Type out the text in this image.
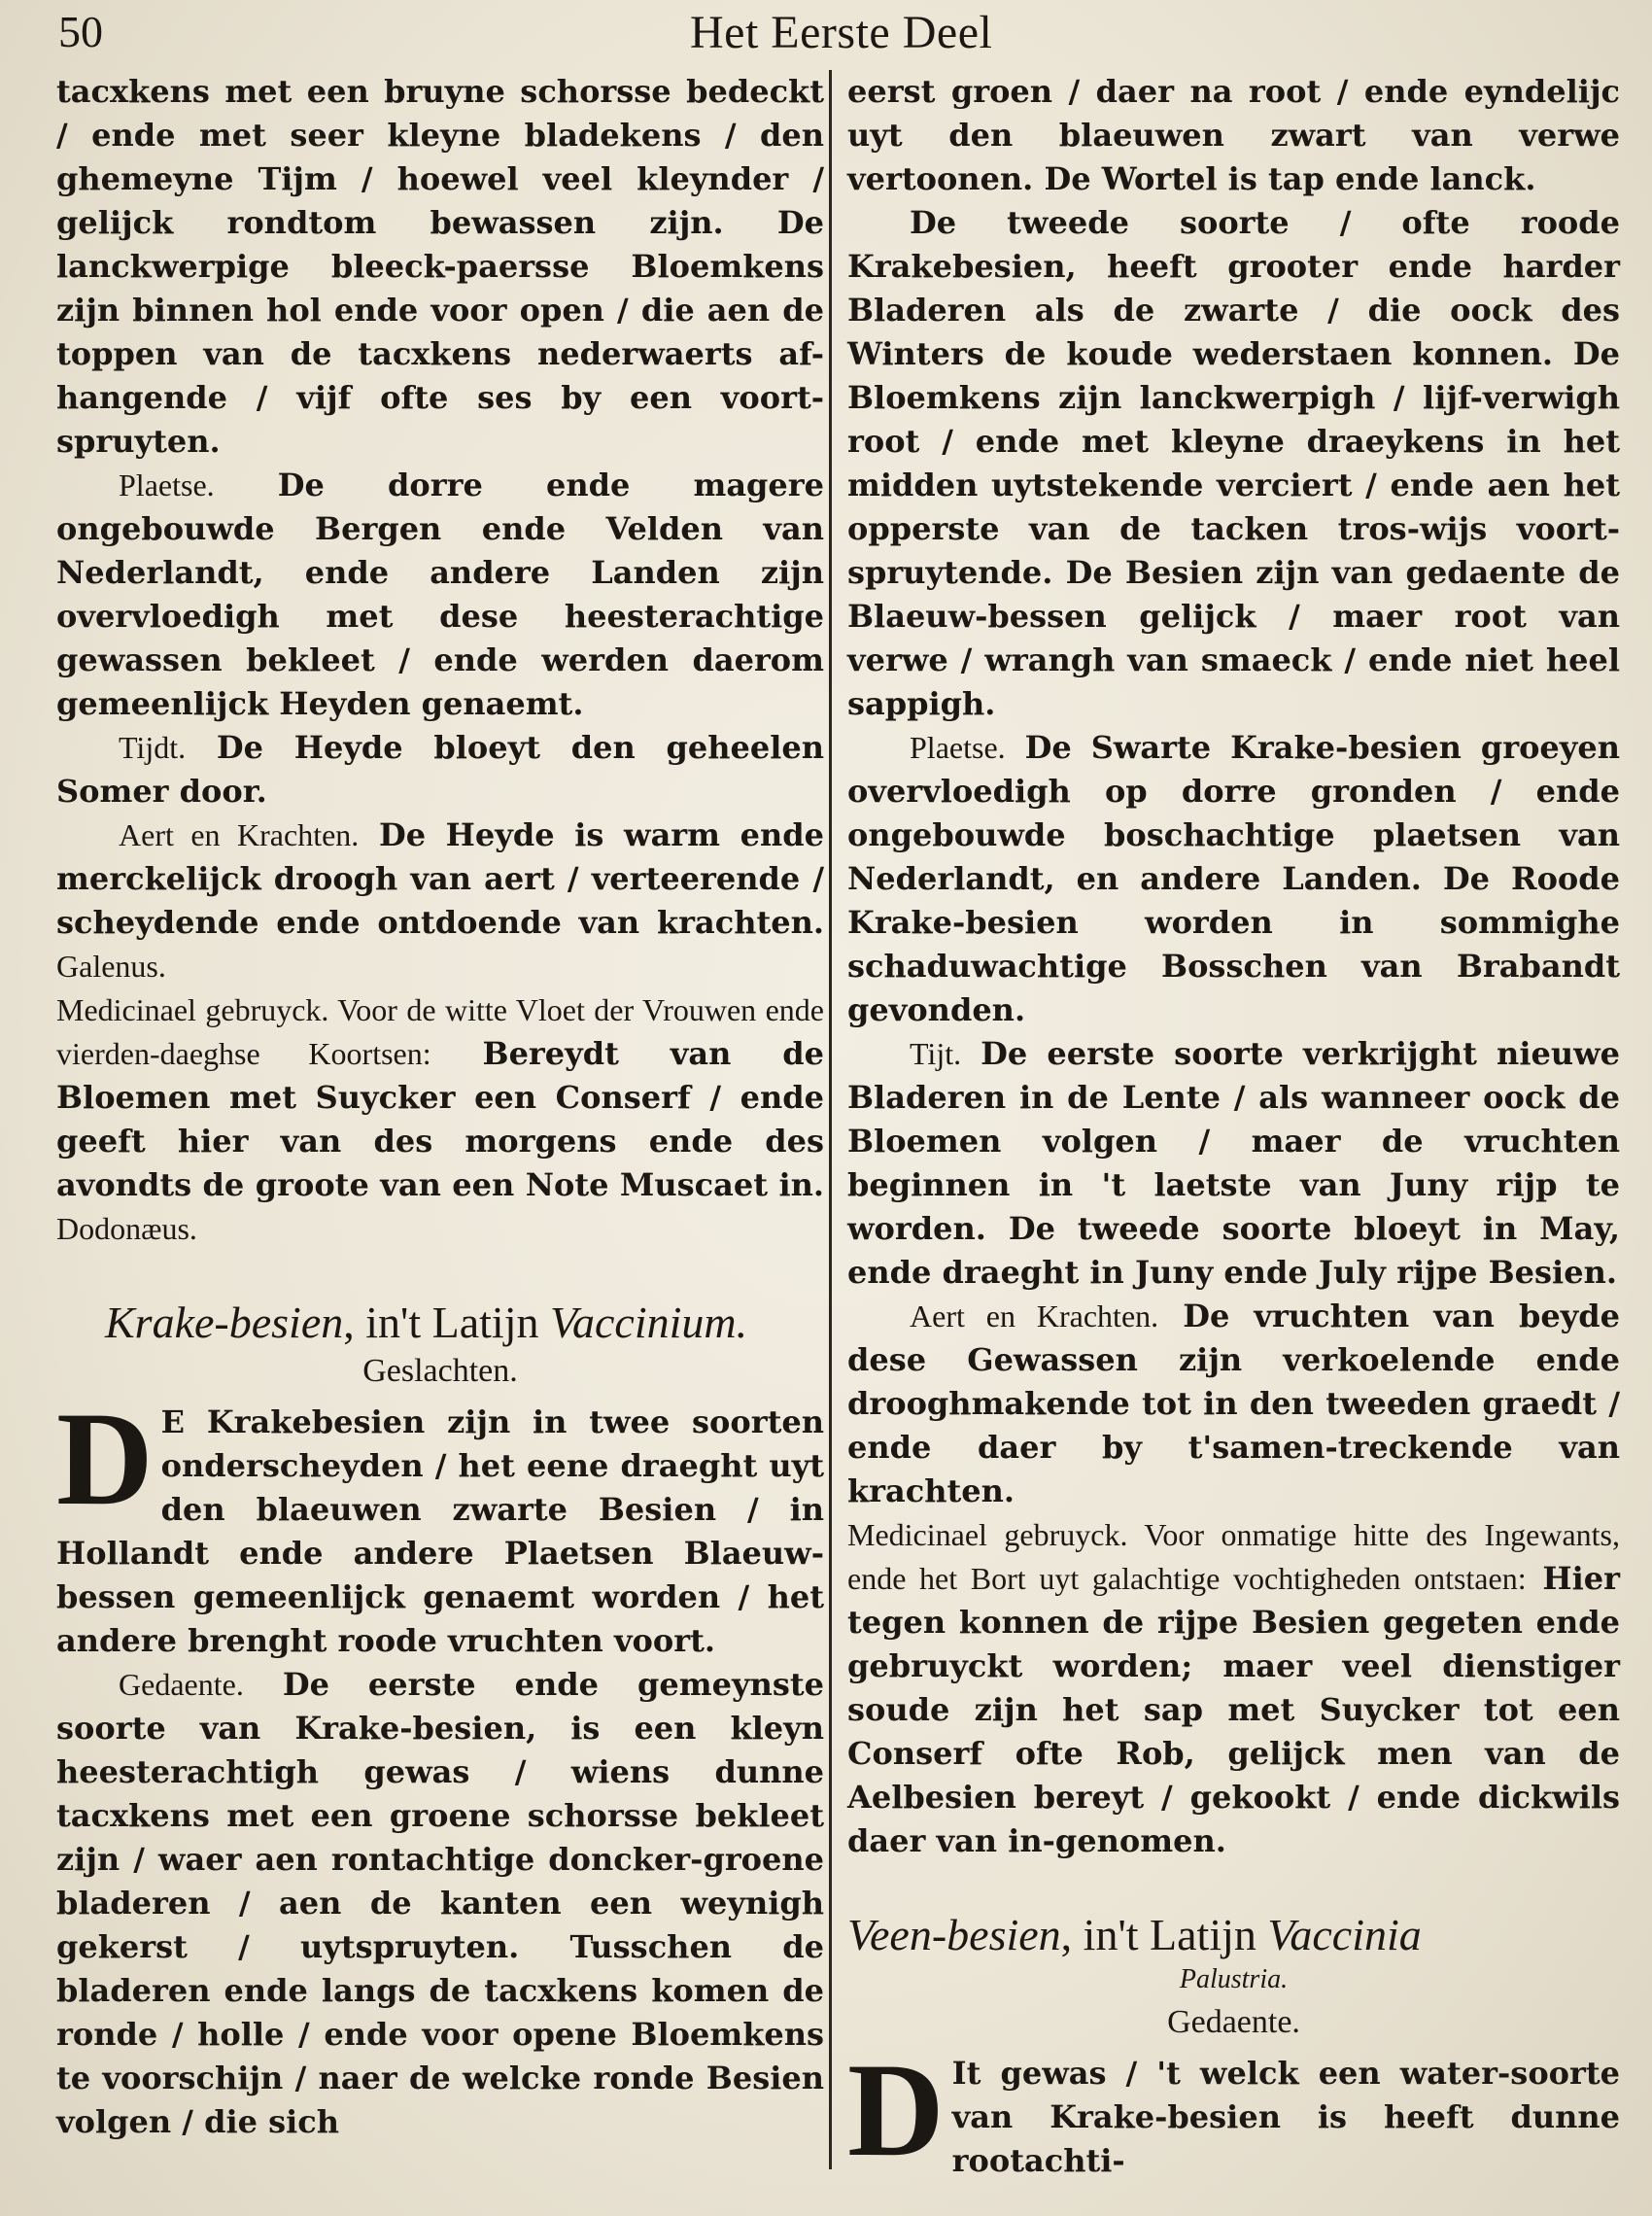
50	Het Eerste Deel

tacxkens met een bruyne schorsse bedeckt / ende met seer kleyne bladekens / den ghemeyne Tijm / hoewel veel kleynder / gelijck rondtom bewassen zijn. De lanckwerpige bleeck-paersse Bloemkens zijn binnen hol ende voor open / die aen de toppen van de tacxkens nederwaerts af-hangende / vijf ofte ses by een voort-spruyten.

Plaetse. De dorre ende magere ongebouwde Bergen ende Velden van Nederlandt, ende andere Landen zijn overvloedigh met dese heesterachtige gewassen bekleet / ende werden daerom gemeenlijck Heyden genaemt.

Tijdt. De Heyde bloeyt den geheelen Somer door.

Aert en Krachten. De Heyde is warm ende merckelijck droogh van aert / verteerende / scheydende ende ontdoende van krachten. Galenus.

Medicinael gebruyck. Voor de witte Vloet der Vrouwen ende vierden-daeghse Koortsen: Bereydt van de Bloemen met Suycker een Conserf / ende geeft hier van des morgens ende des avondts de groote van een Note Muscaet in. Dodonæus.

Krake-besien, in't Latijn Vaccinium.

Geslachten.

D E Krakebesien zijn in twee soorten onderscheyden / het eene draeght uyt den blaeuwen zwarte Besien / in Hollandt ende andere Plaetsen Blaeuw-bessen gemeenlijck genaemt worden / het andere brenght roode vruchten voort.

Gedaente. De eerste ende gemeynste soorte van Krake-besien, is een kleyn heesterachtigh gewas / wiens dunne tacxkens met een groene schorsse bekleet zijn / waer aen rontachtige doncker-groene bladeren / aen de kanten een weynigh gekerst / uytspruyten. Tusschen de bladeren ende langs de tacxkens komen de ronde / holle / ende voor opene Bloemkens te voorschijn / naer de welcke ronde Besien volgen / die sich

eerst groen / daer na root / ende eyndelijc uyt den blaeuwen zwart van verwe vertoonen. De Wortel is tap ende lanck.

De tweede soorte / ofte roode Krakebesien, heeft grooter ende harder Bladeren als de zwarte / die oock des Winters de koude wederstaen konnen. De Bloemkens zijn lanckwerpigh / lijf-verwigh root / ende met kleyne draeykens in het midden uytstekende verciert / ende aen het opperste van de tacken tros-wijs voort-spruytende. De Besien zijn van gedaente de Blaeuw-bessen gelijck / maer root van verwe / wrangh van smaeck / ende niet heel sappigh.

Plaetse. De Swarte Krake-besien groeyen overvloedigh op dorre gronden / ende ongebouwde boschachtige plaetsen van Nederlandt, en andere Landen. De Roode Krake-besien worden in sommighe schaduwachtige Bosschen van Brabandt gevonden.

Tijt. De eerste soorte verkrijght nieuwe Bladeren in de Lente / als wanneer oock de Bloemen volgen / maer de vruchten beginnen in 't laetste van Juny rijp te worden. De tweede soorte bloeyt in May, ende draeght in Juny ende July rijpe Besien.

Aert en Krachten. De vruchten van beyde dese Gewassen zijn verkoelende ende drooghmakende tot in den tweeden graedt / ende daer by t'samen-treckende van krachten.

Medicinael gebruyck. Voor onmatige hitte des Ingewants, ende het Bort uyt galachtige vochtigheden ontstaen: Hier tegen konnen de rijpe Besien gegeten ende gebruyckt worden; maer veel dienstiger soude zijn het sap met Suycker tot een Conserf ofte Rob, gelijck men van de Aelbesien bereyt / gekookt / ende dickwils daer van in-genomen.

Veen-besien, in't Latijn Vaccinia

Palustria.

Gedaente.

D It gewas / 't welck een water-soorte van Krake-besien is heeft dunne rootachti-
